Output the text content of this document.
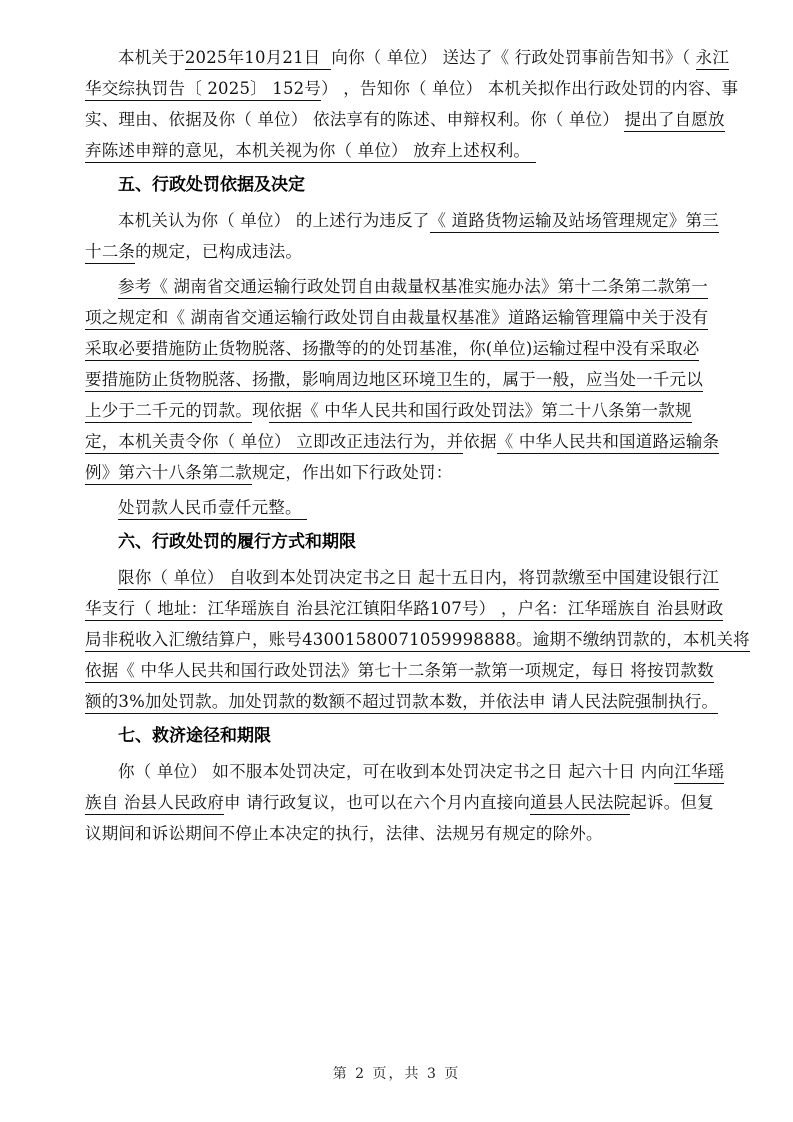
本机关于2025年10月21日  向你（ 单位） 送达了《 行政处罚事前告知书》（ 永江
华交综执罚告〔 2025〕 152号） ，告知你（ 单位） 本机关拟作出行政处罚的内容、事
实、理由、依据及你（ 单位） 依法享有的陈述、申辩权利。你（ 单位） 提出了自愿放
弃陈述申辩的意见，本机关视为你（ 单位） 放弃上述权利。
五、行政处罚依据及决定
本机关认为你（ 单位） 的上述行为违反了《 道路货物运输及站场管理规定》第三
十二条的规定，已构成违法。
参考《 湖南省交通运输行政处罚自由裁量权基准实施办法》第十二条第二款第一
项之规定和《 湖南省交通运输行政处罚自由裁量权基准》道路运输管理篇中关于没有
采取必要措施防止货物脱落、扬撒等的的处罚基准，你(单位)运输过程中没有采取必
要措施防止货物脱落、扬撒，影响周边地区环境卫生的，属于一般，应当处一千元以
上少于二千元的罚款。现依据《 中华人民共和国行政处罚法》第二十八条第一款规
定，本机关责令你（ 单位） 立即改正违法行为，并依据《 中华人民共和国道路运输条
例》第六十八条第二款规定，作出如下行政处罚：
处罚款人民币壹仟元整。
六、行政处罚的履行方式和期限
限你（ 单位） 自收到本处罚决定书之日 起十五日内，将罚款缴至中国建设银行江
华支行（ 地址：江华瑶族自 治县沱江镇阳华路107号） ，户名：江华瑶族自 治县财政
局非税收入汇缴结算户，账号43001580071059998888。逾期不缴纳罚款的，本机关将
依据《 中华人民共和国行政处罚法》第七十二条第一款第一项规定，每日 将按罚款数
额的3%加处罚款。加处罚款的数额不超过罚款本数，并依法申 请人民法院强制执行。
七、救济途径和期限
你（ 单位） 如不服本处罚决定，可在收到本处罚决定书之日 起六十日 内向江华瑶
族自 治县人民政府申 请行政复议，也可以在六个月内直接向道县人民法院起诉。但复
议期间和诉讼期间不停止本决定的执行，法律、法规另有规定的除外。
第 2 页，共 3 页
